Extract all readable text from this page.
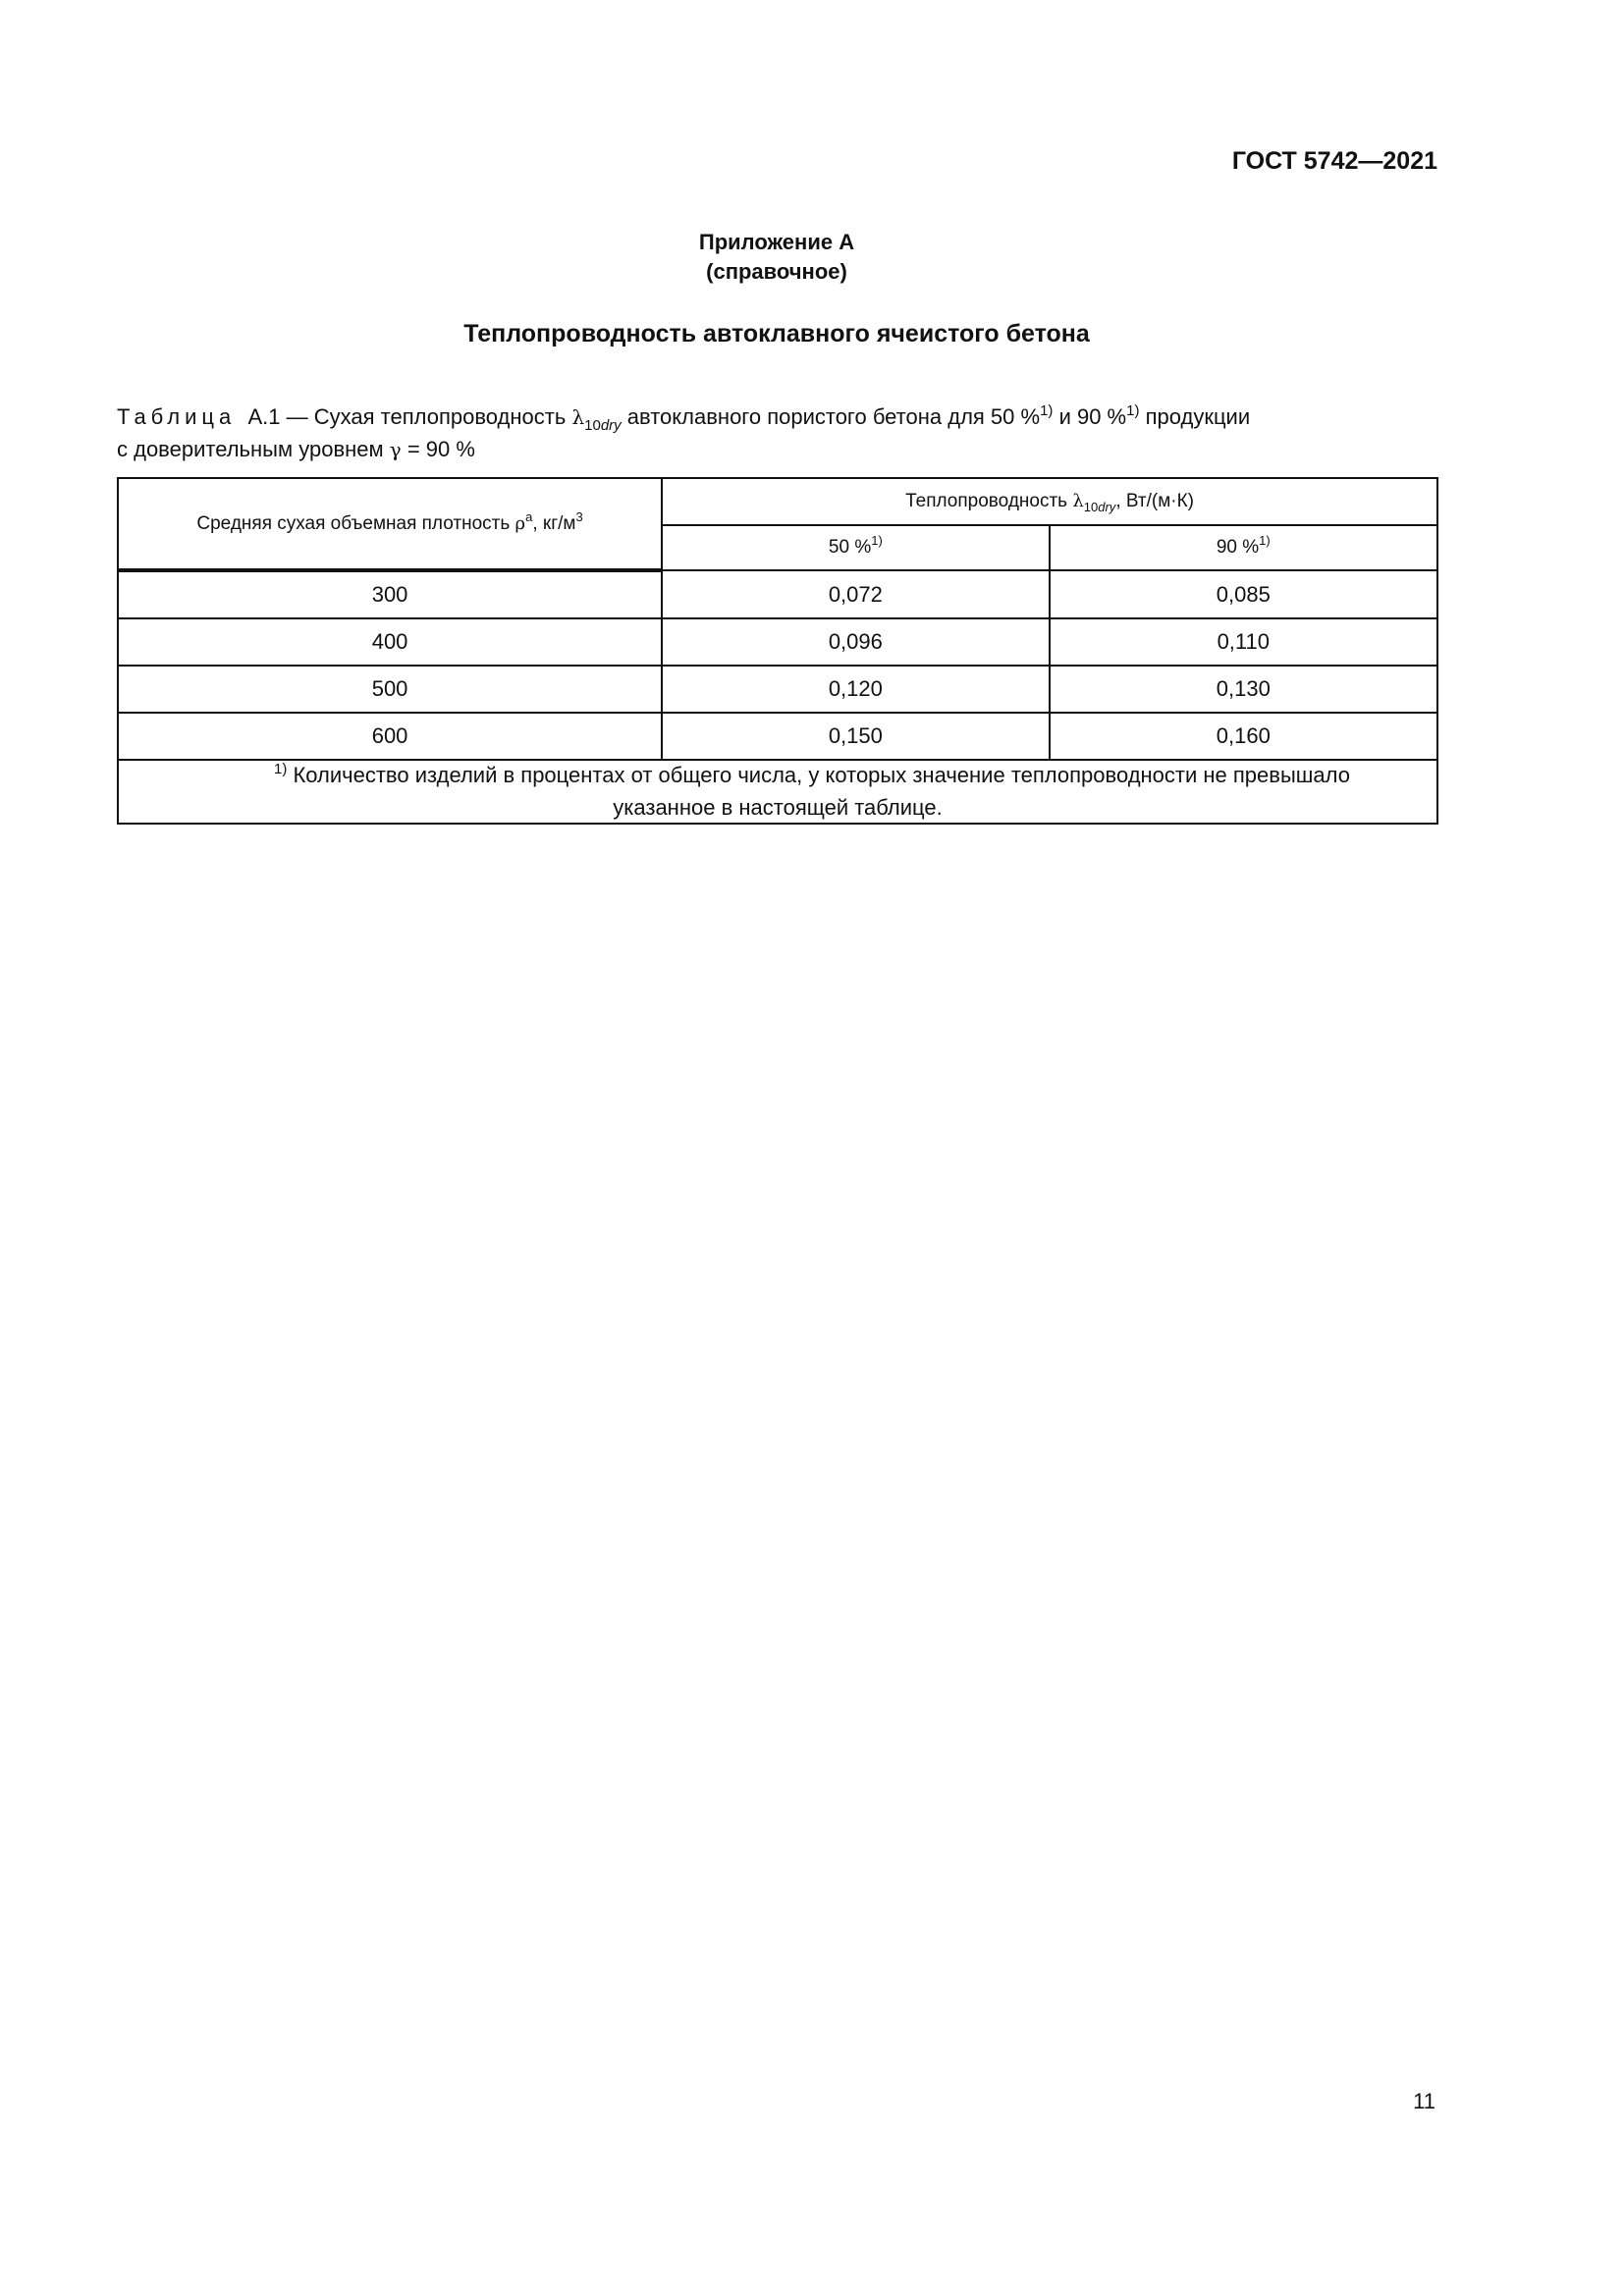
ГОСТ 5742—2021
Приложение А
(справочное)
Теплопроводность автоклавного ячеистого бетона
Таблица А.1 — Сухая теплопроводность $\lambda_{10dry}$ автоклавного пористого бетона для 50 %$^{1)}$ и 90 %$^{1)}$ продукции
с доверительным уровнем γ = 90 %
Средняя сухая объемная плотность $\rho^a$, $кг/м^3$	Теплопроводность $\lambda_{10dry}$, Вт/(м·К)	
	50 %$^{1)}$	90 %$^{1)}$
300	0,072	0,085
400	0,096	0,110
500	0,120	0,130
600	0,150	0,160

$^{1)}$ Количество изделий в процентах от общего числа, у которых значение теплопроводности не превышало
указанное в настоящей таблице.		
11
